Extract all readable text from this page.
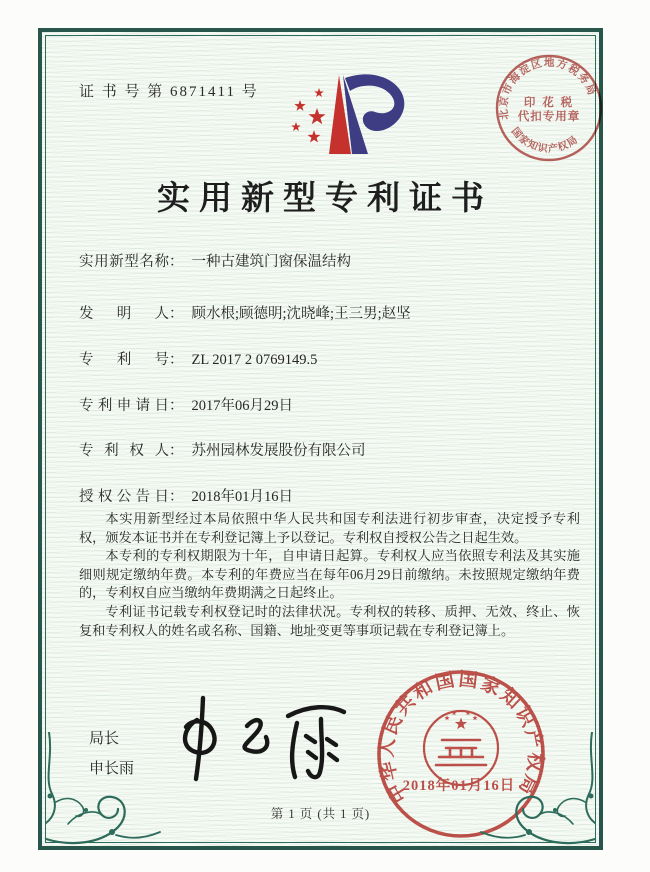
证 书 号 第 6871411 号
实用新型专利证书
北京市海淀区地方税务局
印 花 税
代扣专用章
国家知识产权局
实用新型名称： 一种古建筑门窗保温结构
发明人： 顾水根;顾德明;沈晓峰;王三男;赵坚
专利号： ZL 2017 2 0769149.5
专利申请日： 2017年06月29日
专利权人： 苏州园林发展股份有限公司
授权公告日： 2018年01月16日

本实用新型经过本局依照中华人民共和国专利法进行初步审查，决定授予专利权，颁发本证书并在专利登记簿上予以登记。专利权自授权公告之日起生效。

本专利的专利权期限为十年，自申请日起算。专利权人应当依照专利法及其实施细则规定缴纳年费。本专利的年费应当在每年06月29日前缴纳。未按照规定缴纳年费的，专利权自应当缴纳年费期满之日起终止。

专利证书记载专利权登记时的法律状况。专利权的转移、质押、无效、终止、恢复和专利权人的姓名或名称、国籍、地址变更等事项记载在专利登记簿上。

局长
申长雨
中华人民共和国国家知识产权局
2018年01月16日
第 1 页 (共 1 页)
